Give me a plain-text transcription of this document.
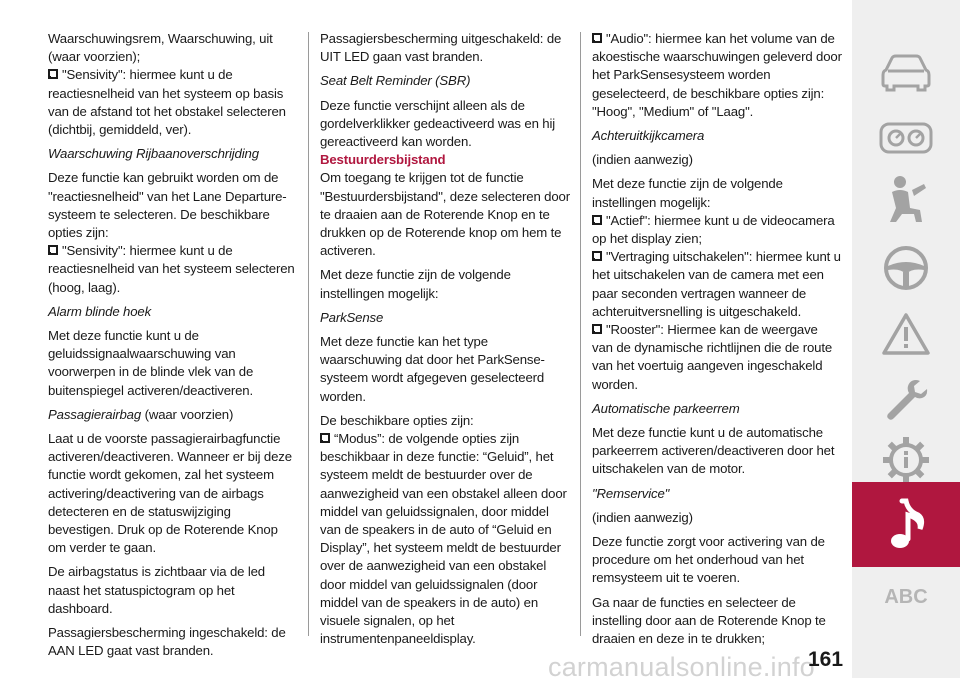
Waarschuwingsrem, Waarschuwing, uit (waar voorzien);

"Sensivity": hiermee kunt u de reactiesnelheid van het systeem op basis van de afstand tot het obstakel selecteren (dichtbij, gemiddeld, ver).

Waarschuwing Rijbaanoverschrijding

Deze functie kan gebruikt worden om de "reactiesnelheid" van het Lane Departure-systeem te selecteren. De beschikbare opties zijn:

"Sensivity": hiermee kunt u de reactiesnelheid van het systeem selecteren (hoog, laag).

Alarm blinde hoek

Met deze functie kunt u de geluidssignaalwaarschuwing van voorwerpen in de blinde vlek van de buitenspiegel activeren/deactiveren.

Passagierairbag (waar voorzien)

Laat u de voorste passagierairbagfunctie activeren/deactiveren. Wanneer er bij deze functie wordt gekomen, zal het systeem activering/deactivering van de airbags detecteren en de statuswijziging bevestigen. Druk op de Roterende Knop om verder te gaan.

De airbagstatus is zichtbaar via de led naast het statuspictogram op het dashboard.

Passagiersbescherming ingeschakeld: de AAN LED gaat vast branden.

Passagiersbescherming uitgeschakeld: de UIT LED gaan vast branden.

Seat Belt Reminder (SBR)

Deze functie verschijnt alleen als de gordelverklikker gedeactiveerd was en hij gereactiveerd kan worden.

Bestuurdersbijstand

Om toegang te krijgen tot de functie "Bestuurdersbijstand", deze selecteren door te draaien aan de Roterende Knop en te drukken op de Roterende knop om hem te activeren.

Met deze functie zijn de volgende instellingen mogelijk:

ParkSense

Met deze functie kan het type waarschuwing dat door het ParkSense-systeem wordt afgegeven geselecteerd worden.

De beschikbare opties zijn:

“Modus”: de volgende opties zijn beschikbaar in deze functie: “Geluid”, het systeem meldt de bestuurder over de aanwezigheid van een obstakel alleen door middel van geluidssignalen, door middel van de speakers in de auto of “Geluid en Display”, het systeem meldt de bestuurder over de aanwezigheid van een obstakel door middel van geluidssignalen (door middel van de speakers in de auto) en visuele signalen, op het instrumentenpaneeldisplay.

"Audio": hiermee kan het volume van de akoestische waarschuwingen geleverd door het ParkSensesysteem worden geselecteerd, de beschikbare opties zijn: "Hoog", "Medium" of "Laag".

Achteruitkijkcamera

(indien aanwezig)

Met deze functie zijn de volgende instellingen mogelijk:

"Actief": hiermee kunt u de videocamera op het display zien;

"Vertraging uitschakelen": hiermee kunt u het uitschakelen van de camera met een paar seconden vertragen wanneer de achteruitversnelling is uitgeschakeld.

"Rooster": Hiermee kan de weergave van de dynamische richtlijnen die de route van het voertuig aangeven ingeschakeld worden.

Automatische parkeerrem

Met deze functie kunt u de automatische parkeerrem activeren/deactiveren door het uitschakelen van de motor.

"Remservice"

(indien aanwezig)

Deze functie zorgt voor activering van de procedure om het onderhoud van het remsysteem uit te voeren.

Ga naar de functies en selecteer de instelling door aan de Roterende Knop te draaien en deze in te drukken;

ABC
carmanualsonline.info
161
